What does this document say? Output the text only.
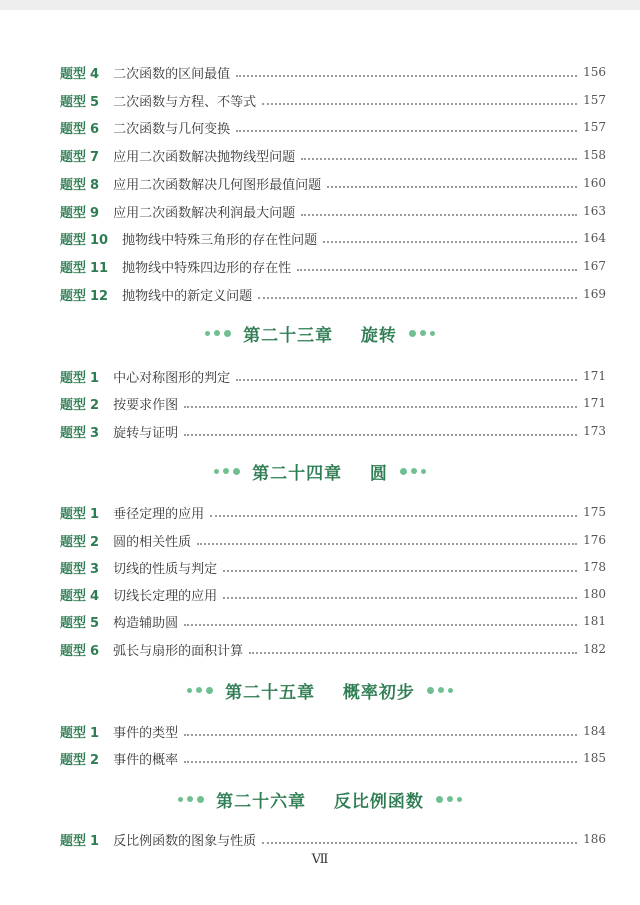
题型 4 二次函数的区间最值	156
题型 5 二次函数与方程、不等式	157
题型 6 二次函数与几何变换	157
题型 7 应用二次函数解决抛物线型问题	158
题型 8 应用二次函数解决几何图形最值问题	160
题型 9 应用二次函数解决利润最大问题	163
题型 10 抛物线中特殊三角形的存在性问题	164
题型 11 抛物线中特殊四边形的存在性	167
题型 12 抛物线中的新定义问题	169
第二十三章    旋转
题型 1 中心对称图形的判定	171
题型 2 按要求作图	171
题型 3 旋转与证明	173
第二十四章    圆
题型 1 垂径定理的应用	175
题型 2 圆的相关性质	176
题型 3 切线的性质与判定	178
题型 4 切线长定理的应用	180
题型 5 构造辅助圆	181
题型 6 弧长与扇形的面积计算	182
第二十五章    概率初步
题型 1 事件的类型	184
题型 2 事件的概率	185
第二十六章    反比例函数
题型 1 反比例函数的图象与性质	186
Ⅶ
